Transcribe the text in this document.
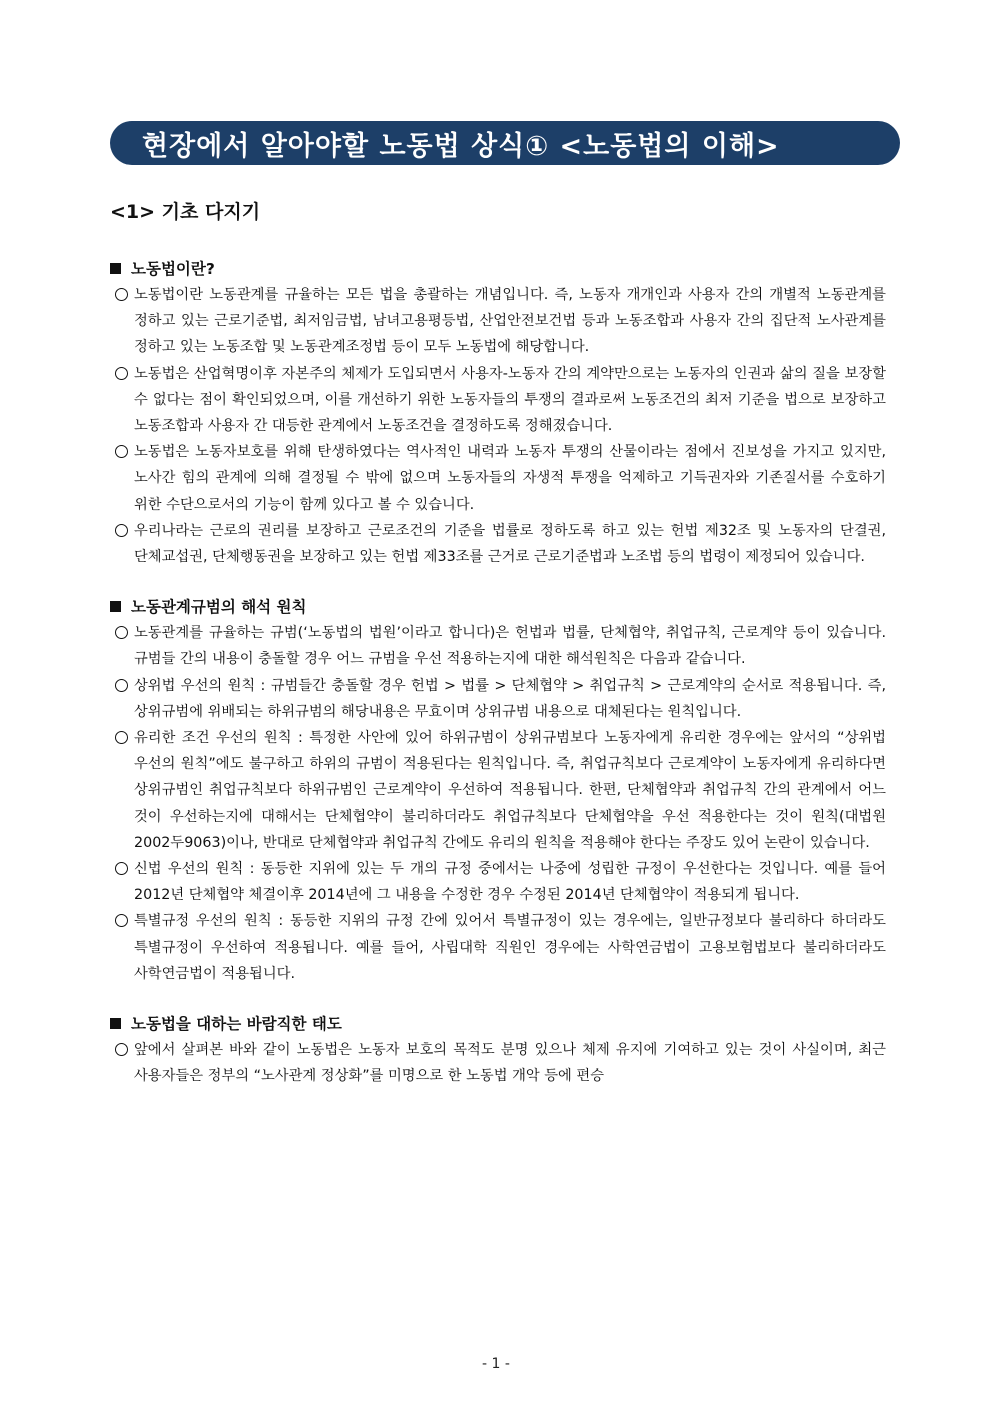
현장에서 알아야할 노동법 상식① <노동법의 이해>
<1> 기초 다지기
노동법이란?
노동법이란 노동관계를 규율하는 모든 법을 총괄하는 개념입니다. 즉, 노동자 개개인과 사용자 간의 개별적 노동관계를 정하고 있는 근로기준법, 최저임금법, 남녀고용평등법, 산업안전보건법 등과 노동조합과 사용자 간의 집단적 노사관계를 정하고 있는 노동조합 및 노동관계조정법 등이 모두 노동법에 해당합니다.
노동법은 산업혁명이후 자본주의 체제가 도입되면서 사용자-노동자 간의 계약만으로는 노동자의 인권과 삶의 질을 보장할 수 없다는 점이 확인되었으며, 이를 개선하기 위한 노동자들의 투쟁의 결과로써 노동조건의 최저 기준을 법으로 보장하고 노동조합과 사용자 간 대등한 관계에서 노동조건을 결정하도록 정해졌습니다.
노동법은 노동자보호를 위해 탄생하였다는 역사적인 내력과 노동자 투쟁의 산물이라는 점에서 진보성을 가지고 있지만, 노사간 힘의 관계에 의해 결정될 수 밖에 없으며 노동자들의 자생적 투쟁을 억제하고 기득권자와 기존질서를 수호하기 위한 수단으로서의 기능이 함께 있다고 볼 수 있습니다.
우리나라는 근로의 권리를 보장하고 근로조건의 기준을 법률로 정하도록 하고 있는 헌법 제32조 및 노동자의 단결권, 단체교섭권, 단체행동권을 보장하고 있는 헌법 제33조를 근거로 근로기준법과 노조법 등의 법령이 제정되어 있습니다.
노동관계규범의 해석 원칙
노동관계를 규율하는 규범(‘노동법의 법원’이라고 합니다)은 헌법과 법률, 단체협약, 취업규칙, 근로계약 등이 있습니다. 규범들 간의 내용이 충돌할 경우 어느 규범을 우선 적용하는지에 대한 해석원칙은 다음과 같습니다.
상위법 우선의 원칙 : 규범들간 충돌할 경우 헌법 > 법률 > 단체협약 > 취업규칙 > 근로계약의 순서로 적용됩니다. 즉, 상위규범에 위배되는 하위규범의 해당내용은 무효이며 상위규범 내용으로 대체된다는 원칙입니다.
유리한 조건 우선의 원칙 : 특정한 사안에 있어 하위규범이 상위규범보다 노동자에게 유리한 경우에는 앞서의 “상위법 우선의 원칙”에도 불구하고 하위의 규범이 적용된다는 원칙입니다. 즉, 취업규칙보다 근로계약이 노동자에게 유리하다면 상위규범인 취업규칙보다 하위규범인 근로계약이 우선하여 적용됩니다. 한편, 단체협약과 취업규칙 간의 관계에서 어느 것이 우선하는지에 대해서는 단체협약이 불리하더라도 취업규칙보다 단체협약을 우선 적용한다는 것이 원칙(대법원 2002두9063)이나, 반대로 단체협약과 취업규칙 간에도 유리의 원칙을 적용해야 한다는 주장도 있어 논란이 있습니다.
신법 우선의 원칙 : 동등한 지위에 있는 두 개의 규정 중에서는 나중에 성립한 규정이 우선한다는 것입니다. 예를 들어 2012년 단체협약 체결이후 2014년에 그 내용을 수정한 경우 수정된 2014년 단체협약이 적용되게 됩니다.
특별규정 우선의 원칙 : 동등한 지위의 규정 간에 있어서 특별규정이 있는 경우에는, 일반규정보다 불리하다 하더라도 특별규정이 우선하여 적용됩니다. 예를 들어, 사립대학 직원인 경우에는 사학연금법이 고용보험법보다 불리하더라도 사학연금법이 적용됩니다.
노동법을 대하는 바람직한 태도
앞에서 살펴본 바와 같이 노동법은 노동자 보호의 목적도 분명 있으나 체제 유지에 기여하고 있는 것이 사실이며, 최근 사용자들은 정부의 “노사관계 정상화”를 미명으로 한 노동법 개악 등에 편승
- 1 -
